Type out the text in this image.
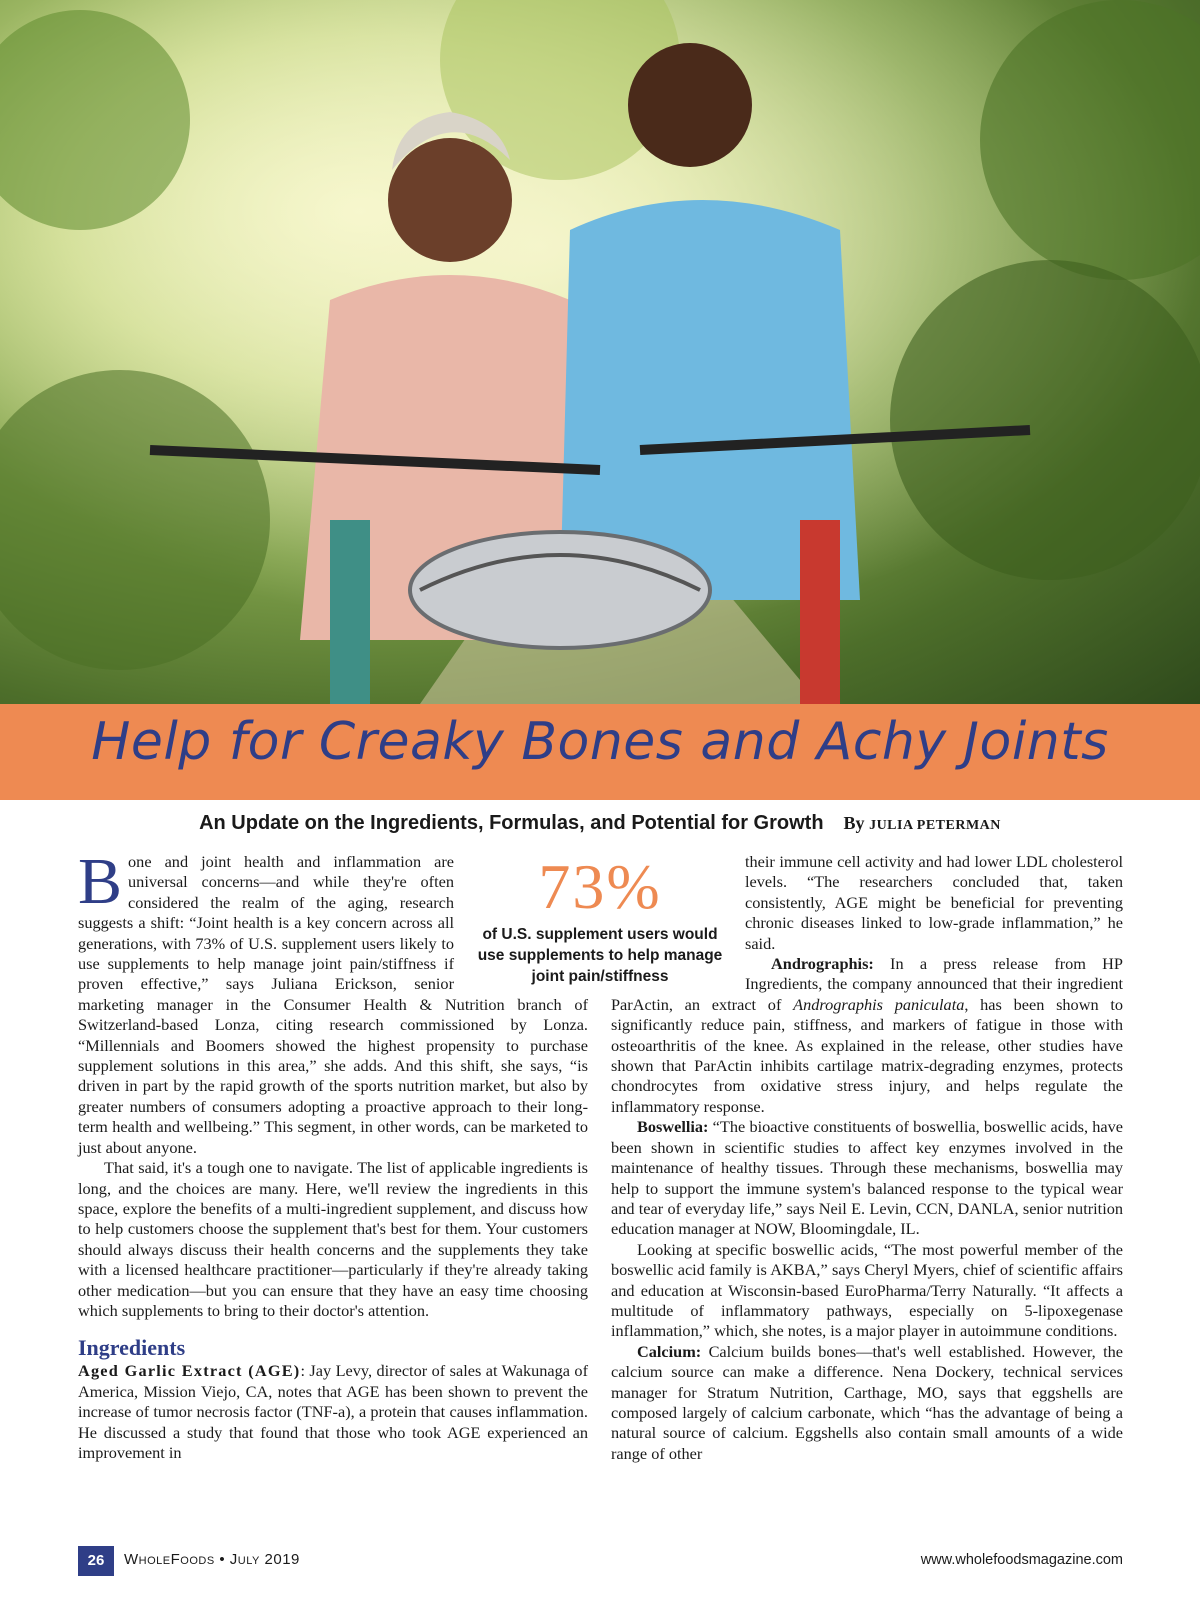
Help for Creaky Bones and Achy Joints
An Update on the Ingredients, Formulas, and Potential for Growth By JULIA PETERMAN

Bone and joint health and inflammation are universal concerns—and while they're often considered the realm of the aging, research suggests a shift: “Joint health is a key concern across all generations, with 73% of U.S. supplement users likely to use supplements to help manage joint pain/stiffness if proven effective,” says Juliana Erickson, senior marketing manager in the Consumer Health & Nutrition branch of Switzerland-based Lonza, citing research commissioned by Lonza. “Millennials and Boomers showed the highest propensity to purchase supplement solutions in this area,” she adds. And this shift, she says, “is driven in part by the rapid growth of the sports nutrition market, but also by greater numbers of consumers adopting a proactive approach to their long-term health and wellbeing.” This segment, in other words, can be marketed to just about anyone.

That said, it's a tough one to navigate. The list of applicable ingredients is long, and the choices are many. Here, we'll review the ingredients in this space, explore the benefits of a multi-ingredient supplement, and discuss how to help customers choose the supplement that's best for them. Your customers should always discuss their health concerns and the supplements they take with a licensed healthcare practitioner—particularly if they're already taking other medication—but you can ensure that they have an easy time choosing which supplements to bring to their doctor's attention.

Ingredients

Aged Garlic Extract (AGE): Jay Levy, director of sales at Wakunaga of America, Mission Viejo, CA, notes that AGE has been shown to prevent the increase of tumor necrosis factor (TNF-a), a protein that causes inflammation. He discussed a study that found that those who took AGE experienced an improvement in

their immune cell activity and had lower LDL cholesterol levels. “The researchers concluded that, taken consistently, AGE might be beneficial for preventing chronic diseases linked to low-grade inflammation,” he said.

Andrographis: In a press release from HP Ingredients, the company announced that their ingredient ParActin, an extract of Andrographis paniculata, has been shown to significantly reduce pain, stiffness, and markers of fatigue in those with osteoarthritis of the knee. As explained in the release, other studies have shown that ParActin inhibits cartilage matrix-degrading enzymes, protects chondrocytes from oxidative stress injury, and helps regulate the inflammatory response.

Boswellia: “The bioactive constituents of boswellia, boswellic acids, have been shown in scientific studies to affect key enzymes involved in the maintenance of healthy tissues. Through these mechanisms, boswellia may help to support the immune system's balanced response to the typical wear and tear of everyday life,” says Neil E. Levin, CCN, DANLA, senior nutrition education manager at NOW, Bloomingdale, IL.

Looking at specific boswellic acids, “The most powerful member of the boswellic acid family is AKBA,” says Cheryl Myers, chief of scientific affairs and education at Wisconsin-based EuroPharma/Terry Naturally. “It affects a multitude of inflammatory pathways, especially on 5-lipoxegenase inflammation,” which, she notes, is a major player in autoimmune conditions.

Calcium: Calcium builds bones—that's well established. However, the calcium source can make a difference. Nena Dockery, technical services manager for Stratum Nutrition, Carthage, MO, says that eggshells are composed largely of calcium carbonate, which “has the advantage of being a natural source of calcium. Eggshells also contain small amounts of a wide range of other

73%
of U.S. supplement users would use supplements to help manage joint pain/stiffness
26	WholeFoods • July 2019	www.wholefoodsmagazine.com
